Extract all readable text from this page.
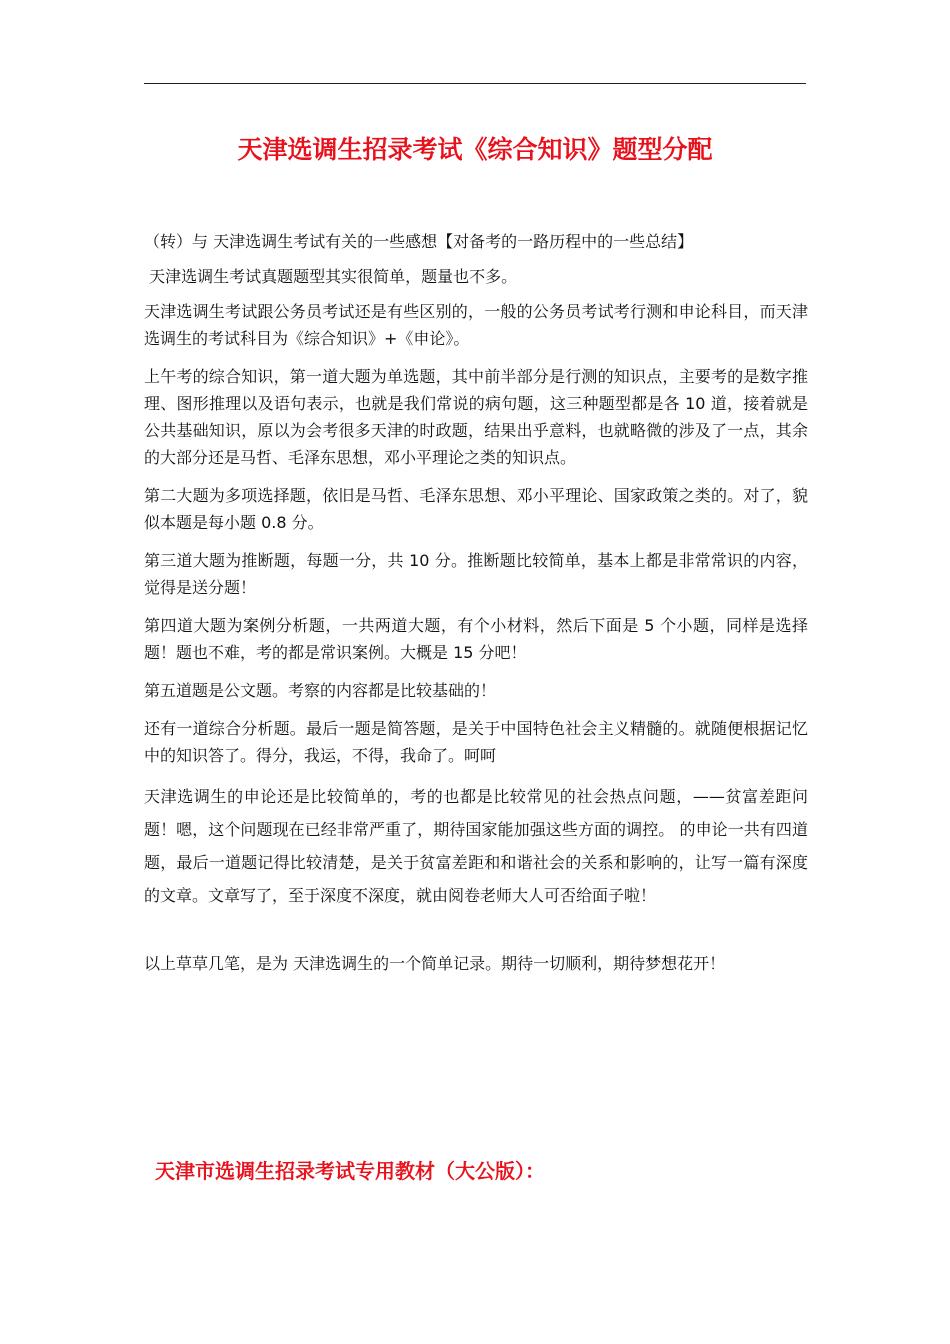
天津选调生招录考试《综合知识》题型分配

（转）与 天津选调生考试有关的一些感想【对备考的一路历程中的一些总结】

天津选调生考试真题题型其实很简单，题量也不多。

天津选调生考试跟公务员考试还是有些区别的，一般的公务员考试考行测和申论科目，而天津选调生的考试科目为《综合知识》+《申论》。

上午考的综合知识，第一道大题为单选题，其中前半部分是行测的知识点，主要考的是数字推理、图形推理以及语句表示，也就是我们常说的病句题，这三种题型都是各 10 道，接着就是公共基础知识，原以为会考很多天津的时政题，结果出乎意料，也就略微的涉及了一点，其余的大部分还是马哲、毛泽东思想，邓小平理论之类的知识点。

第二大题为多项选择题，依旧是马哲、毛泽东思想、邓小平理论、国家政策之类的。对了，貌似本题是每小题 0.8 分。

第三道大题为推断题，每题一分，共 10 分。推断题比较简单，基本上都是非常常识的内容，觉得是送分题！

第四道大题为案例分析题，一共两道大题，有个小材料，然后下面是 5 个小题，同样是选择题！题也不难，考的都是常识案例。大概是 15 分吧！

第五道题是公文题。考察的内容都是比较基础的！

还有一道综合分析题。最后一题是简答题，是关于中国特色社会主义精髓的。就随便根据记忆中的知识答了。得分，我运，不得，我命了。呵呵

天津选调生的申论还是比较简单的，考的也都是比较常见的社会热点问题，——贫富差距问题！嗯，这个问题现在已经非常严重了，期待国家能加强这些方面的调控。 的申论一共有四道题，最后一道题记得比较清楚，是关于贫富差距和和谐社会的关系和影响的，让写一篇有深度的文章。文章写了，至于深度不深度，就由阅卷老师大人可否给面子啦！

以上草草几笔，是为 天津选调生的一个简单记录。期待一切顺利，期待梦想花开！

天津市选调生招录考试专用教材（大公版）：
